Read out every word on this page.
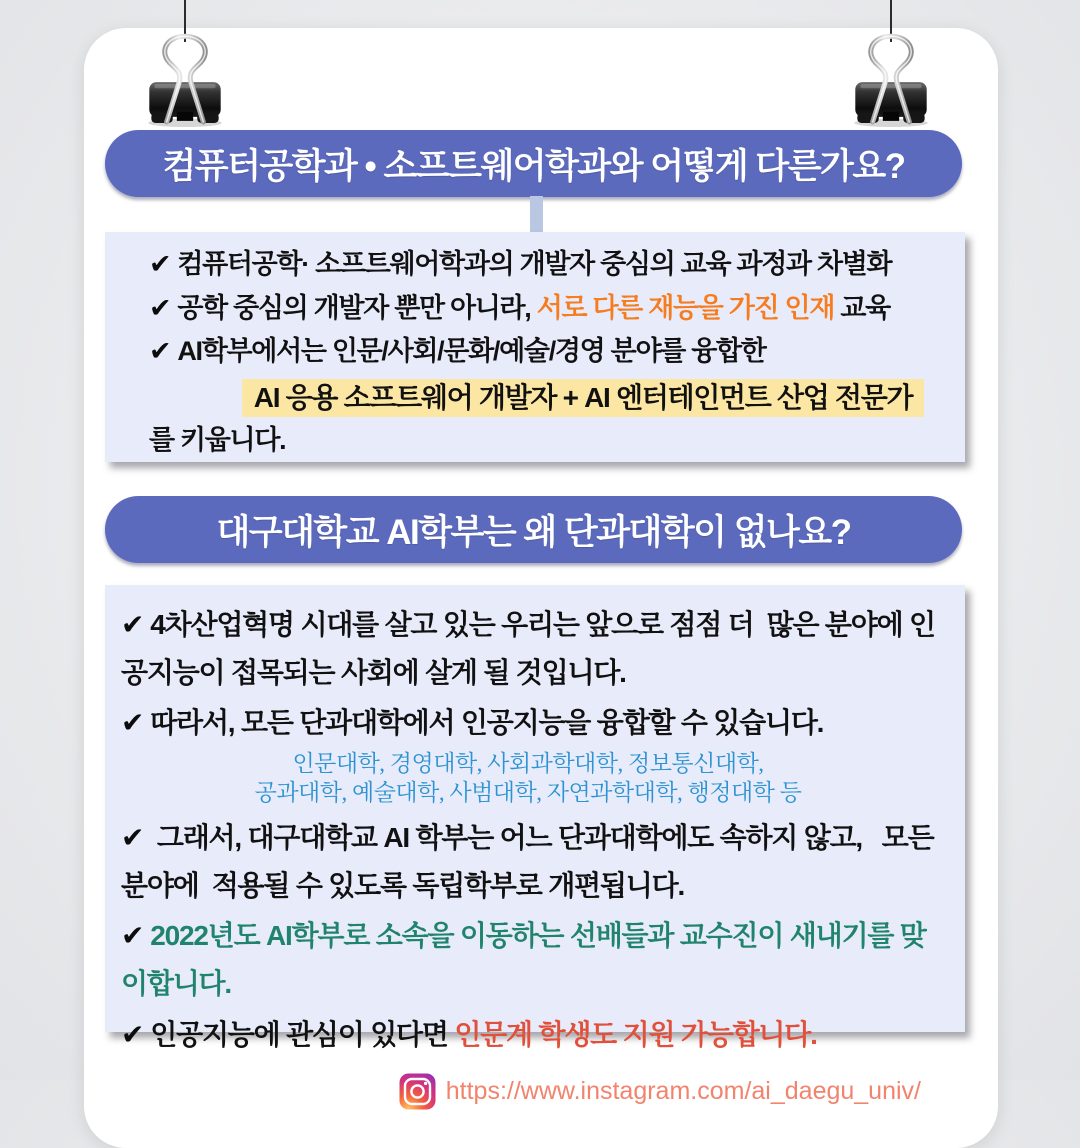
컴퓨터공학과 • 소프트웨어학과와 어떻게 다른가요?

✔ 컴퓨터공학· 소프트웨어학과의 개발자 중심의 교육 과정과 차별화

✔ 공학 중심의 개발자 뿐만 아니라, 서로 다른 재능을 가진 인재 교육

✔ AI학부에서는 인문/사회/문화/예술/경영 분야를 융합한

AI 응용 소프트웨어 개발자 + AI 엔터테인먼트 산업 전문가

를 키웁니다.

대구대학교 AI학부는 왜 단과대학이 없나요?

✔ 4차산업혁명 시대를 살고 있는 우리는 앞으로 점점 더  많은 분야에 인공지능이 접목되는 사회에 살게 될 것입니다.

✔ 따라서, 모든 단과대학에서 인공지능을 융합할 수 있습니다.

인문대학, 경영대학, 사회과학대학, 정보통신대학,

공과대학, 예술대학, 사범대학, 자연과학대학, 행정대학 등

✔ 그래서, 대구대학교 AI 학부는 어느 단과대학에도 속하지 않고,   모든 분야에  적용될 수 있도록 독립학부로 개편됩니다.

✔ 2022년도 AI학부로 소속을 이동하는 선배들과 교수진이 새내기를 맞이합니다.

✔ 인공지능에 관심이 있다면 인문계 학생도 지원 가능합니다.

https://www.instagram.com/ai_daegu_univ/
